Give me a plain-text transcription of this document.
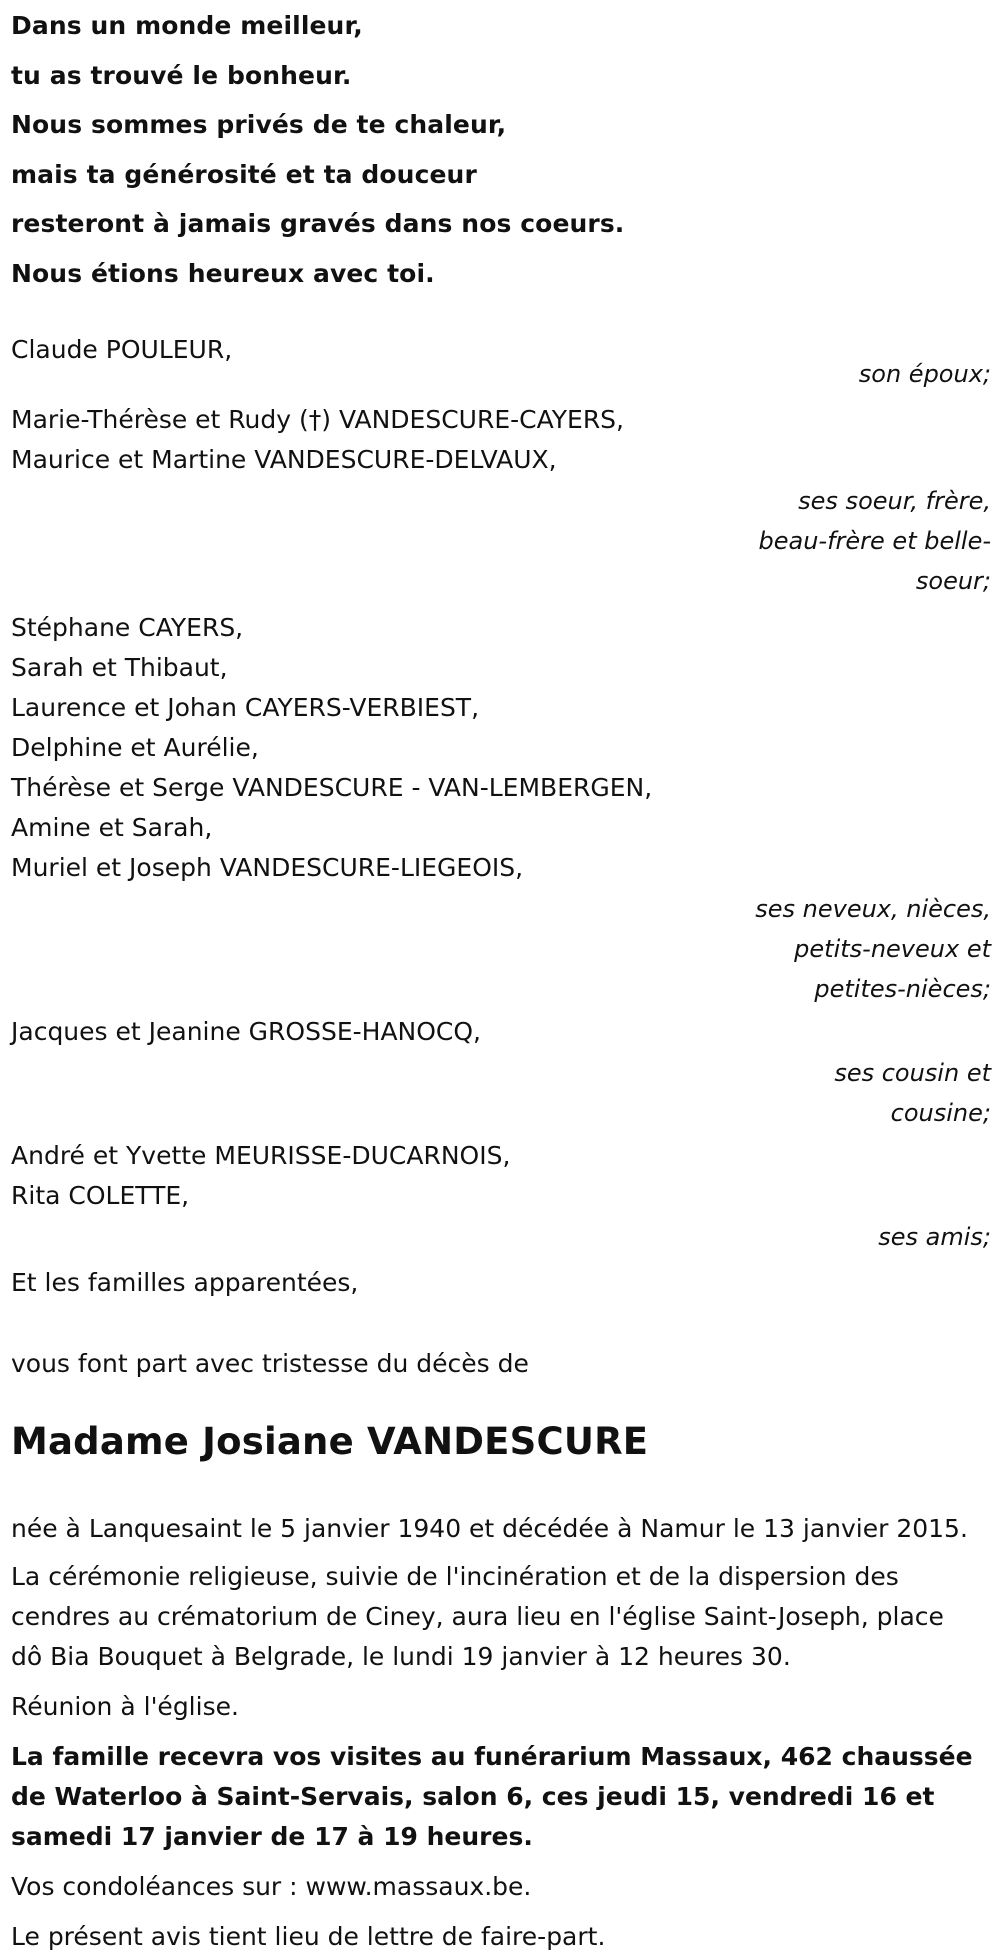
Dans un monde meilleur,
tu as trouvé le bonheur.
Nous sommes privés de te chaleur,
mais ta générosité et ta douceur
resteront à jamais gravés dans nos coeurs.
Nous étions heureux avec toi.
Claude POULEUR,
son époux;
Marie-Thérèse et Rudy (†) VANDESCURE-CAYERS,
Maurice et Martine VANDESCURE-DELVAUX,
ses soeur, frère,
beau-frère et belle-
soeur;
Stéphane CAYERS,
Sarah et Thibaut,
Laurence et Johan CAYERS-VERBIEST,
Delphine et Aurélie,
Thérèse et Serge VANDESCURE - VAN-LEMBERGEN,
Amine et Sarah,
Muriel et Joseph VANDESCURE-LIEGEOIS,
ses neveux, nièces,
petits-neveux et
petites-nièces;
Jacques et Jeanine GROSSE-HANOCQ,
ses cousin et
cousine;
André et Yvette MEURISSE-DUCARNOIS,
Rita COLETTE,
ses amis;
Et les familles apparentées,
vous font part avec tristesse du décès de
Madame Josiane VANDESCURE
née à Lanquesaint le 5 janvier 1940 et décédée à Namur le 13 janvier 2015.
La cérémonie religieuse, suivie de l'incinération et de la dispersion des cendres au crématorium de Ciney, aura lieu en l'église Saint-Joseph, place dô Bia Bouquet à Belgrade, le lundi 19 janvier à 12 heures 30.
Réunion à l'église.
La famille recevra vos visites au funérarium Massaux, 462 chaussée de Waterloo à Saint-Servais, salon 6, ces jeudi 15, vendredi 16 et samedi 17 janvier de 17 à 19 heures.
Vos condoléances sur : www.massaux.be.
Le présent avis tient lieu de lettre de faire-part.
